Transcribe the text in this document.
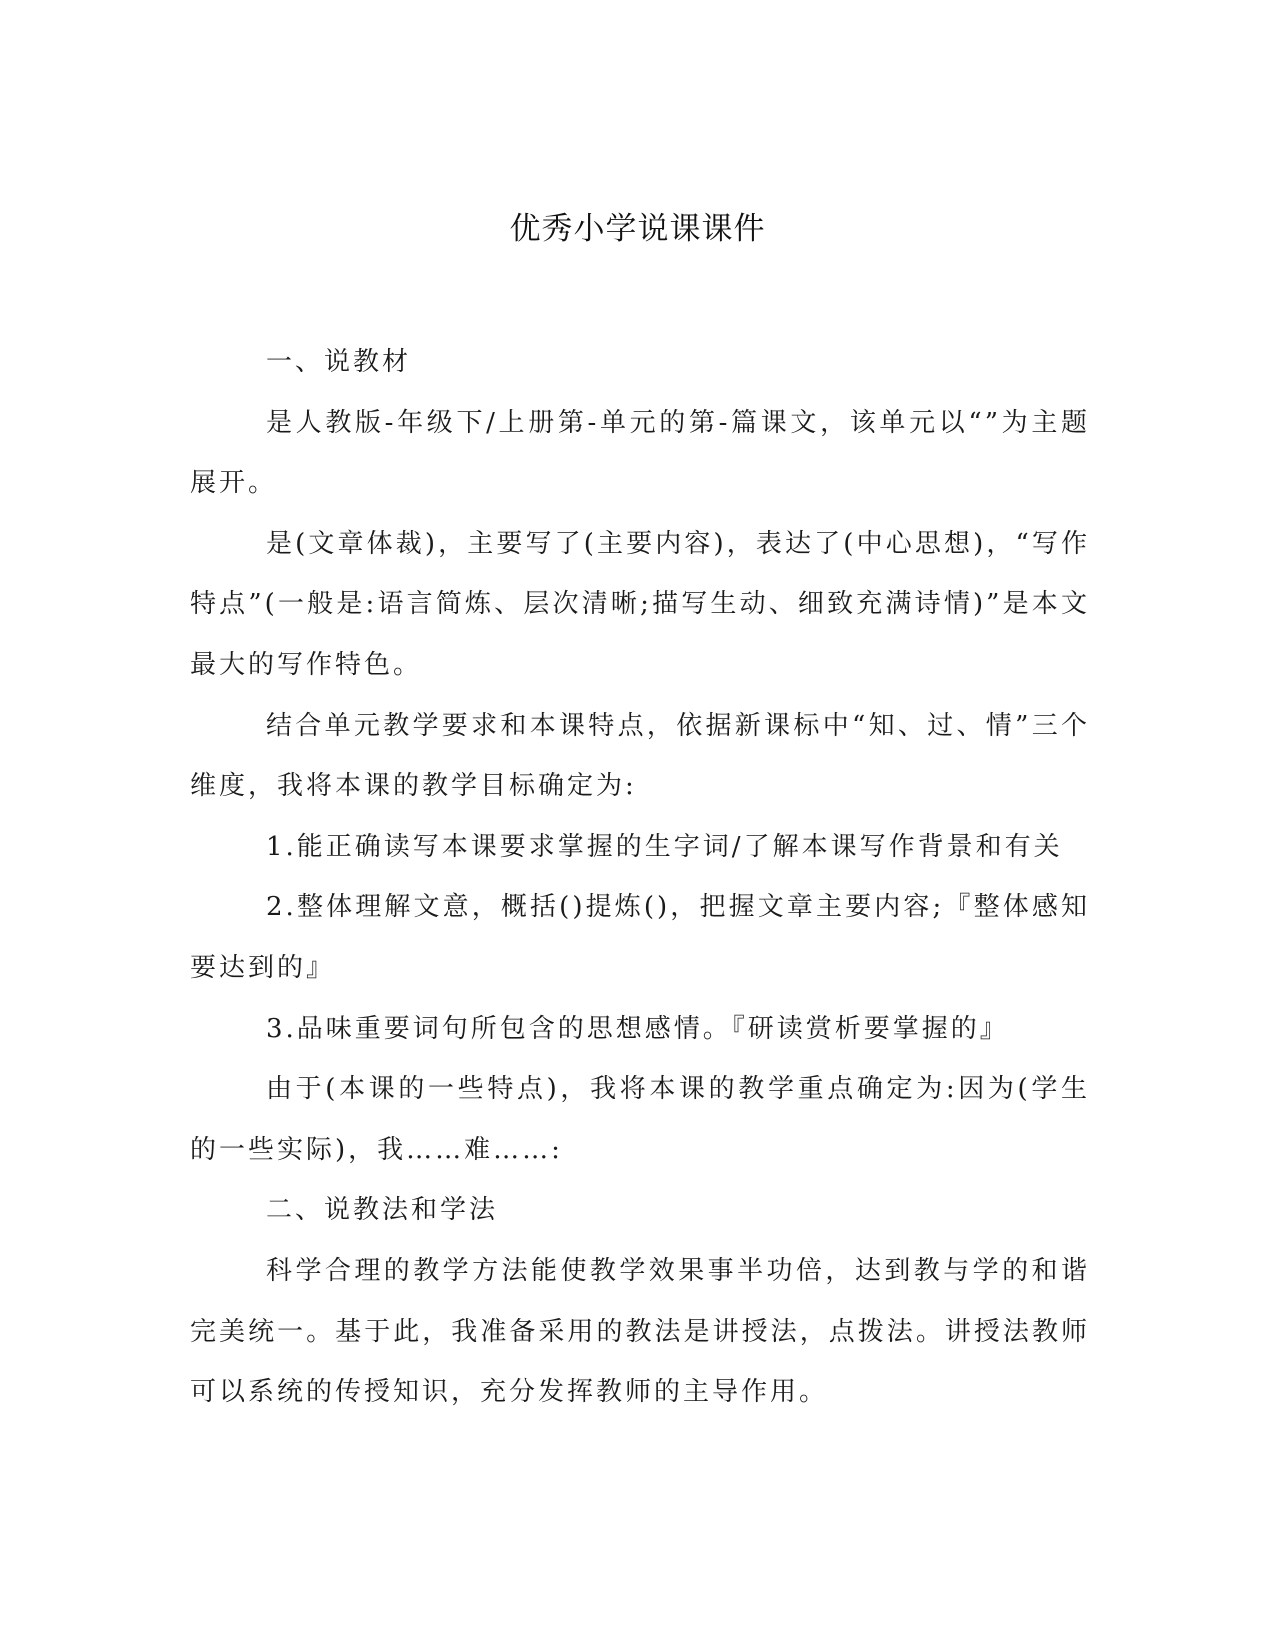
优秀小学说课课件

一、说教材

是人教版-年级下/上册第-单元的第-篇课文，该单元以“”为主题展开。

是(文章体裁)，主要写了(主要内容)，表达了(中心思想)，“写作特点”(一般是:语言简炼、层次清晰;描写生动、细致充满诗情)”是本文最大的写作特色。

结合单元教学要求和本课特点，依据新课标中“知、过、情”三个维度，我将本课的教学目标确定为:

1.能正确读写本课要求掌握的生字词/了解本课写作背景和有关

2.整体理解文意，概括()提炼()，把握文章主要内容;『整体感知要达到的』

3.品味重要词句所包含的思想感情。『研读赏析要掌握的』

由于(本课的一些特点)，我将本课的教学重点确定为:因为(学生的一些实际)，我……难……:

二、说教法和学法

科学合理的教学方法能使教学效果事半功倍，达到教与学的和谐完美统一。基于此，我准备采用的教法是讲授法，点拨法。讲授法教师可以系统的传授知识，充分发挥教师的主导作用。
